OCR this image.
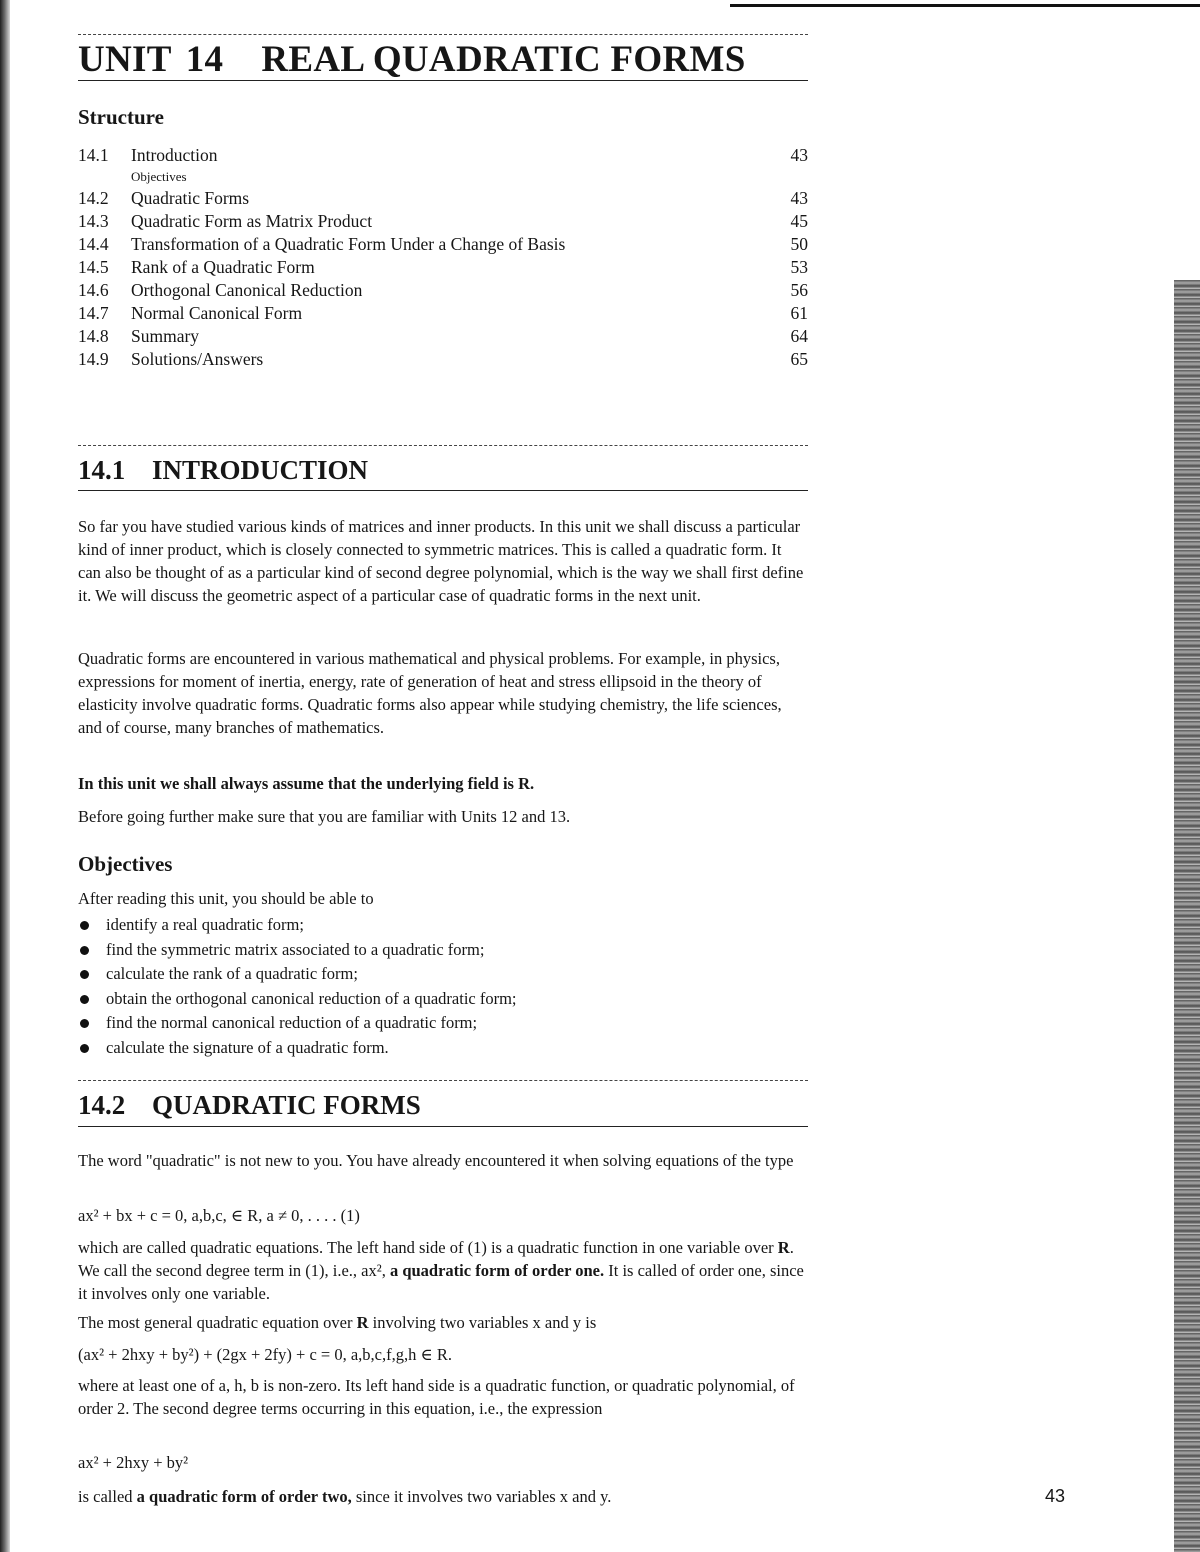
UNIT 14 REAL QUADRATIC FORMS
Structure
14.1 Introduction	43
Objectives
14.2 Quadratic Forms	43
14.3 Quadratic Form as Matrix Product	45
14.4 Transformation of a Quadratic Form Under a Change of Basis	50
14.5 Rank of a Quadratic Form	53
14.6 Orthogonal Canonical Reduction	56
14.7 Normal Canonical Form	61
14.8 Summary	64
14.9 Solutions/Answers	65
14.1 INTRODUCTION

So far you have studied various kinds of matrices and inner products. In this unit we shall discuss a particular kind of inner product, which is closely connected to symmetric matrices. This is called a quadratic form. It can also be thought of as a particular kind of second degree polynomial, which is the way we shall first define it. We will discuss the geometric aspect of a particular case of quadratic forms in the next unit.

Quadratic forms are encountered in various mathematical and physical problems. For example, in physics, expressions for moment of inertia, energy, rate of generation of heat and stress ellipsoid in the theory of elasticity involve quadratic forms. Quadratic forms also appear while studying chemistry, the life sciences, and of course, many branches of mathematics.

In this unit we shall always assume that the underlying field is R.

Before going further make sure that you are familiar with Units 12 and 13.

Objectives

After reading this unit, you should be able to

identify a real quadratic form;
find the symmetric matrix associated to a quadratic form;
calculate the rank of a quadratic form;
obtain the orthogonal canonical reduction of a quadratic form;
find the normal canonical reduction of a quadratic form;
calculate the signature of a quadratic form.
14.2 QUADRATIC FORMS

The word "quadratic" is not new to you. You have already encountered it when solving equations of the type

ax² + bx + c = 0, a,b,c, ∈ R, a ≠ 0, . . . . (1)

which are called quadratic equations. The left hand side of (1) is a quadratic function in one variable over R. We call the second degree term in (1), i.e., ax², a quadratic form of order one. It is called of order one, since it involves only one variable.

The most general quadratic equation over R involving two variables x and y is

(ax² + 2hxy + by²) + (2gx + 2fy) + c = 0, a,b,c,f,g,h ∈ R.

where at least one of a, h, b is non-zero. Its left hand side is a quadratic function, or quadratic polynomial, of order 2. The second degree terms occurring in this equation, i.e., the expression

ax² + 2hxy + by²

is called a quadratic form of order two, since it involves two variables x and y.	43
